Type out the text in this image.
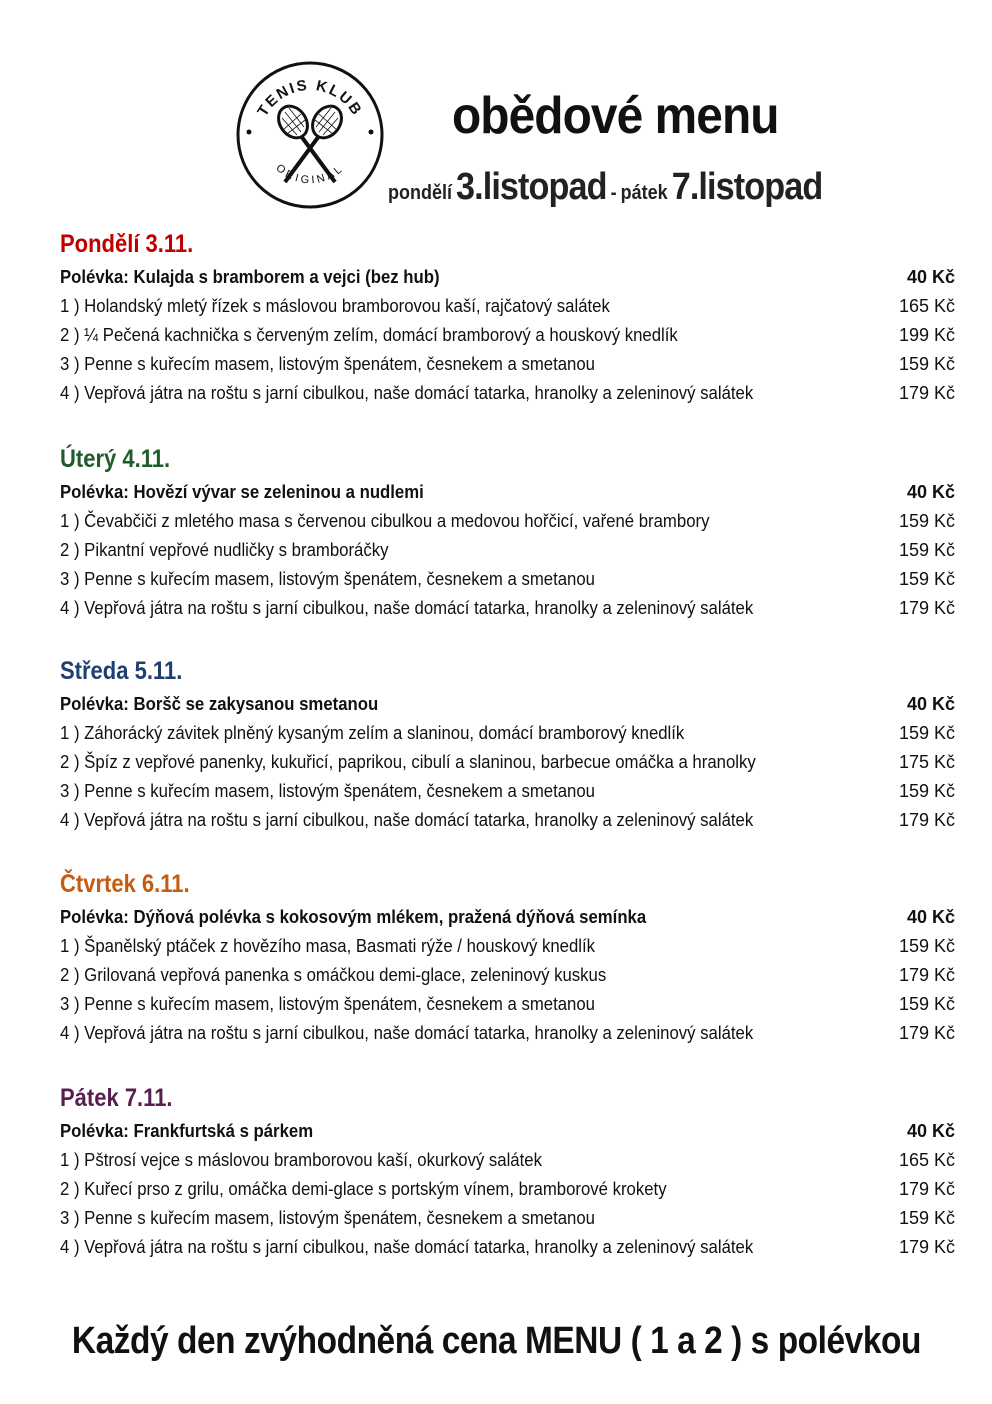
TENIS KLUB
ORIGINAL
obědové menu
pondělí 3.listopad - pátek 7.listopad
Pondělí 3.11.
Polévka: Kulajda s bramborem a vejci (bez hub)	40 Kč
1 ) Holandský mletý řízek s máslovou bramborovou kaší, rajčatový salátek	165 Kč
2 ) ¼ Pečená kachnička s červeným zelím, domácí bramborový a houskový knedlík	199 Kč
3 ) Penne s kuřecím masem, listovým špenátem, česnekem a smetanou	159 Kč
4 ) Vepřová játra na roštu s jarní cibulkou, naše domácí tatarka, hranolky a zeleninový salátek	179 Kč
Úterý 4.11.
Polévka: Hovězí vývar se zeleninou a nudlemi	40 Kč
1 ) Čevabčiči z mletého masa s červenou cibulkou a medovou hořčicí, vařené brambory	159 Kč
2 ) Pikantní vepřové nudličky s bramboráčky	159 Kč
3 ) Penne s kuřecím masem, listovým špenátem, česnekem a smetanou	159 Kč
4 ) Vepřová játra na roštu s jarní cibulkou, naše domácí tatarka, hranolky a zeleninový salátek	179 Kč
Středa 5.11.
Polévka: Boršč se zakysanou smetanou	40 Kč
1 ) Záhorácký závitek plněný kysaným zelím a slaninou, domácí bramborový knedlík	159 Kč
2 ) Špíz z vepřové panenky, kukuřicí, paprikou, cibulí a slaninou, barbecue omáčka a hranolky	175 Kč
3 ) Penne s kuřecím masem, listovým špenátem, česnekem a smetanou	159 Kč
4 ) Vepřová játra na roštu s jarní cibulkou, naše domácí tatarka, hranolky a zeleninový salátek	179 Kč
Čtvrtek 6.11.
Polévka: Dýňová polévka s kokosovým mlékem, pražená dýňová semínka	40 Kč
1 ) Španělský ptáček z hovězího masa, Basmati rýže / houskový knedlík	159 Kč
2 ) Grilovaná vepřová panenka s omáčkou demi-glace, zeleninový kuskus	179 Kč
3 ) Penne s kuřecím masem, listovým špenátem, česnekem a smetanou	159 Kč
4 ) Vepřová játra na roštu s jarní cibulkou, naše domácí tatarka, hranolky a zeleninový salátek	179 Kč
Pátek 7.11.
Polévka: Frankfurtská s párkem	40 Kč
1 ) Pštrosí vejce s máslovou bramborovou kaší, okurkový salátek	165 Kč
2 ) Kuřecí prso z grilu, omáčka demi-glace s portským vínem, bramborové krokety	179 Kč
3 ) Penne s kuřecím masem, listovým špenátem, česnekem a smetanou	159 Kč
4 ) Vepřová játra na roštu s jarní cibulkou, naše domácí tatarka, hranolky a zeleninový salátek	179 Kč
Každý den zvýhodněná cena MENU ( 1 a 2 ) s polévkou
